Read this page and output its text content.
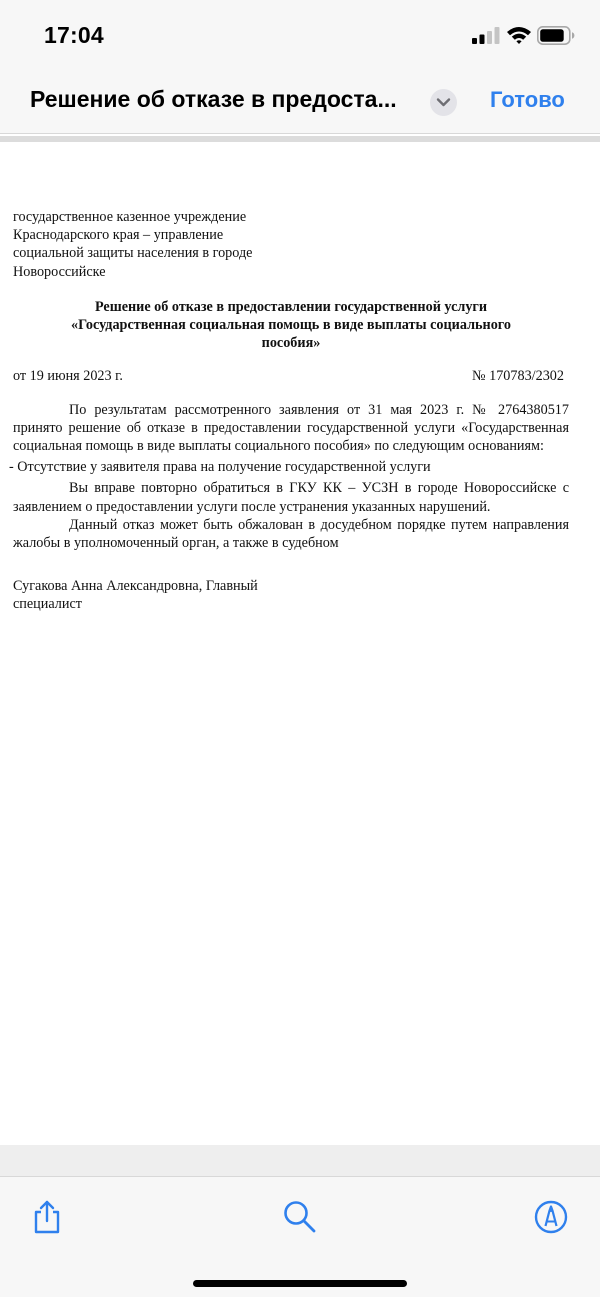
17:04
Решение об отказе в предоста...	Готово

государственное казенное учреждение

Краснодарского края – управление

социальной защиты населения в городе

Новороссийске

Решение об отказе в предоставлении государственной услуги

«Государственная социальная помощь в виде выплаты социального

пособия»

от 19 июня 2023 г.	№ 170783/2302

По результатам рассмотренного заявления от 31 мая 2023 г. № 2764380517 принято решение об отказе в предоставлении государственной услуги «Государственная социальная помощь в виде выплаты социального пособия» по следующим основаниям:

- Отсутствие у заявителя права на получение государственной услуги

Вы вправе повторно обратиться в ГКУ КК – УСЗН в городе Новороссийске с заявлением о предоставлении услуги после устранения указанных нарушений.

Данный отказ может быть обжалован в досудебном порядке путем направления жалобы в уполномоченный орган, а также в судебном

Сугакова Анна Александровна, Главный

специалист
